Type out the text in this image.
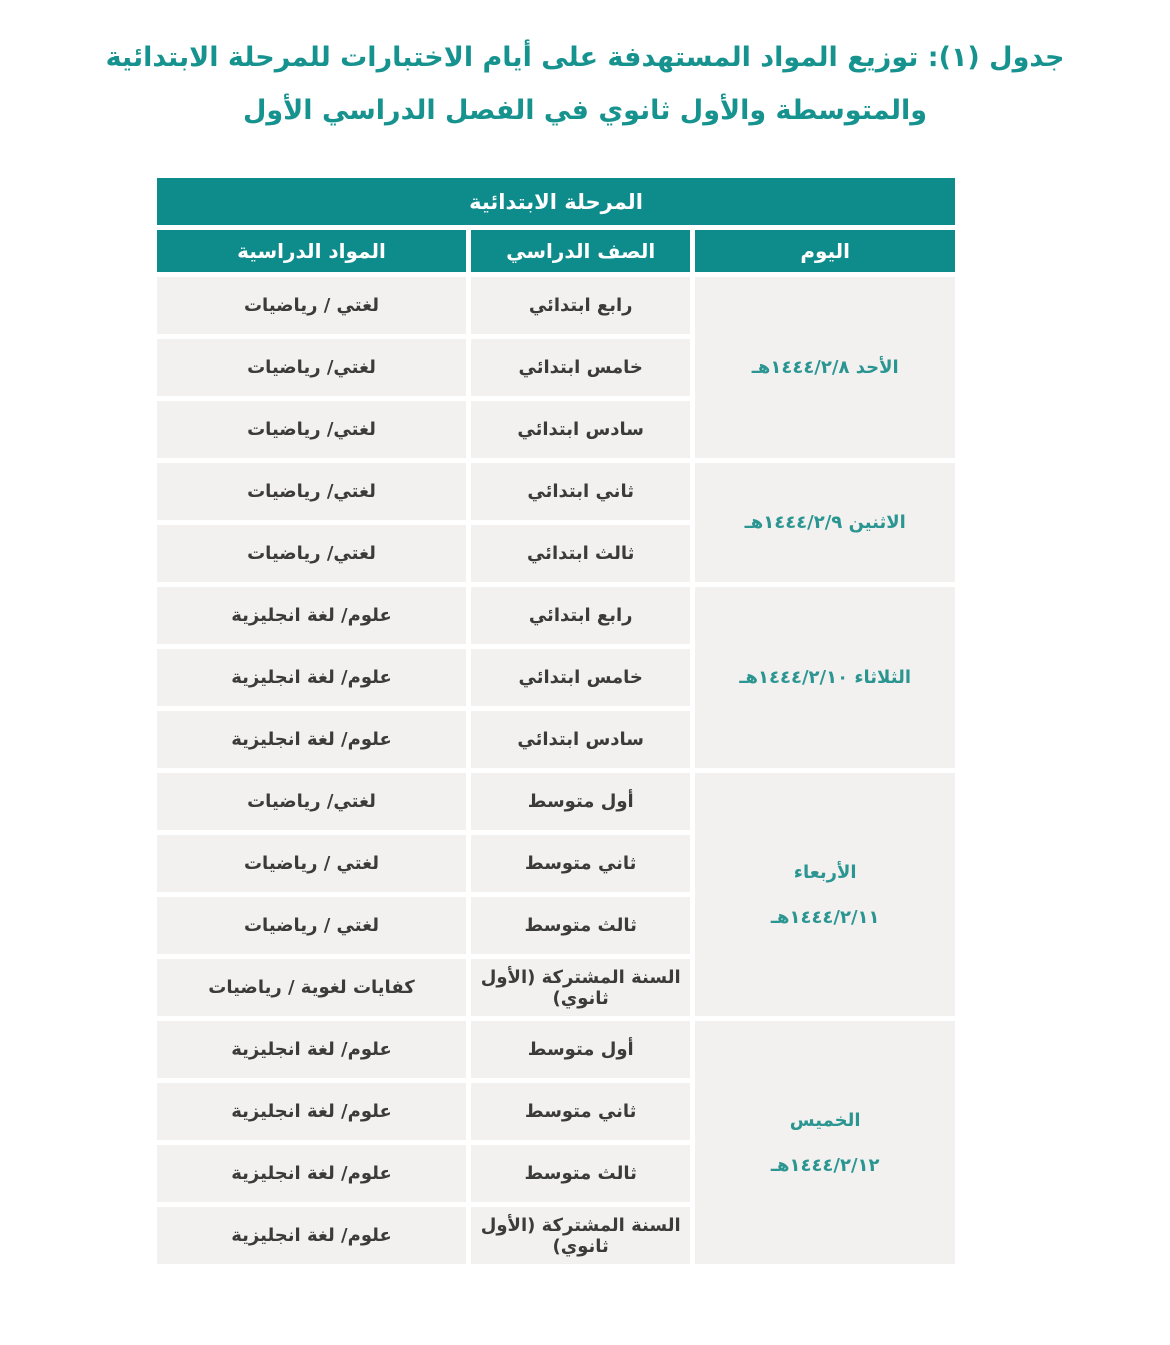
جدول (١): توزيع المواد المستهدفة على أيام الاختبارات للمرحلة الابتدائية والمتوسطة والأول ثانوي في الفصل الدراسي الأول
المرحلة الابتدائية		
اليوم	الصف الدراسي	المواد الدراسية

الأحد ١٤٤٤/٢/٨هـ	رابع ابتدائي	لغتي / رياضيات
	خامس ابتدائي	لغتي/ رياضيات
	سادس ابتدائي	لغتي/ رياضيات

الاثنين ١٤٤٤/٢/٩هـ	ثاني ابتدائي	لغتي/ رياضيات
	ثالث ابتدائي	لغتي/ رياضيات

الثلاثاء ١٤٤٤/٢/١٠هـ	رابع ابتدائي	علوم/ لغة انجليزية
	خامس ابتدائي	علوم/ لغة انجليزية
	سادس ابتدائي	علوم/ لغة انجليزية

الأربعاء
١٤٤٤/٢/١١هـ	أول متوسط	لغتي/ رياضيات
	ثاني متوسط	لغتي / رياضيات
	ثالث متوسط	لغتي / رياضيات
	السنة المشتركة (الأول ثانوي)	كفايات لغوية / رياضيات

الخميس
١٤٤٤/٢/١٢هـ	أول متوسط	علوم/ لغة انجليزية
	ثاني متوسط	علوم/ لغة انجليزية
	ثالث متوسط	علوم/ لغة انجليزية
	السنة المشتركة (الأول ثانوي)	علوم/ لغة انجليزية
